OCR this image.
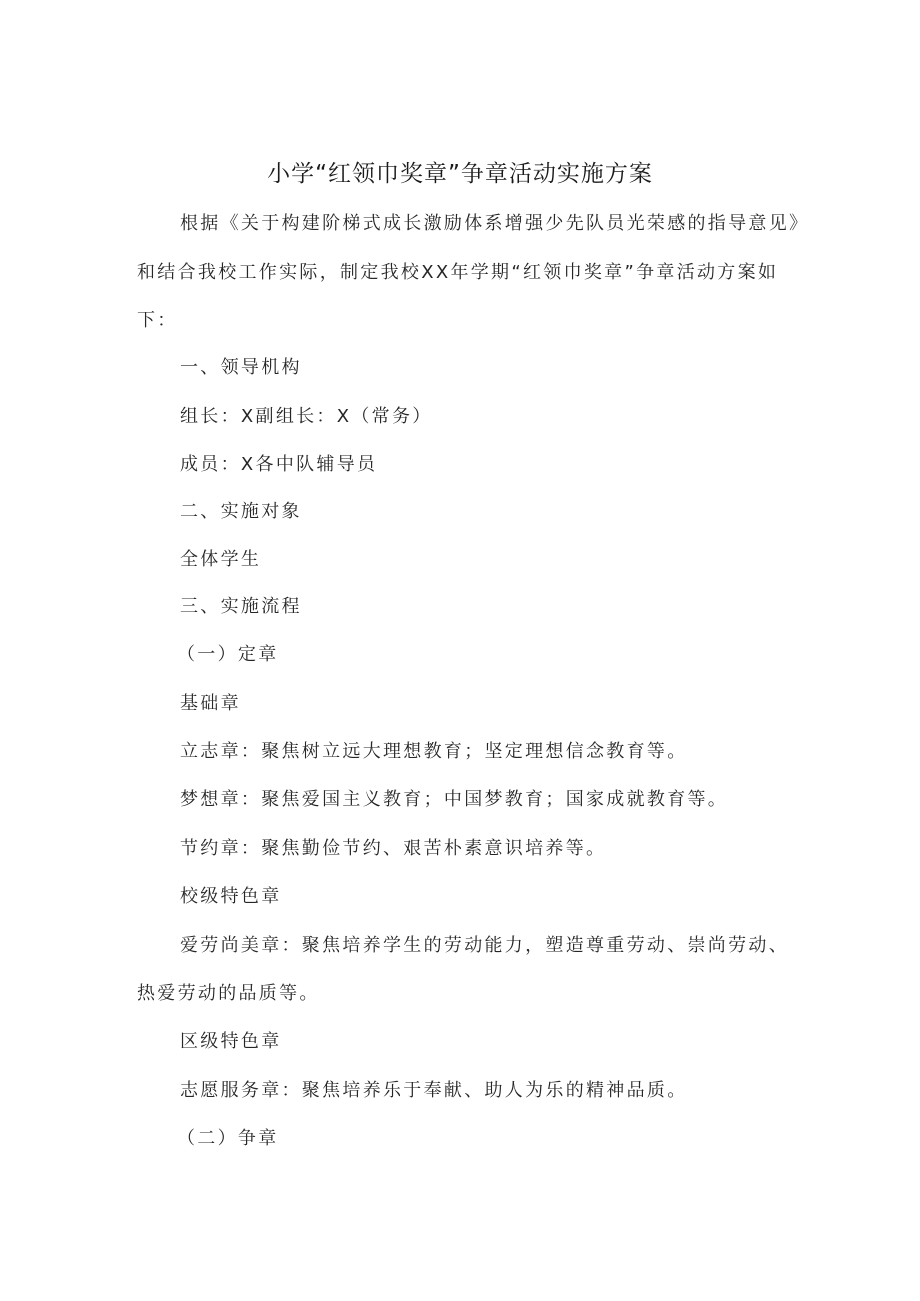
小学“红领巾奖章”争章活动实施方案
根据《关于构建阶梯式成长激励体系增强少先队员光荣感的指导意见》
和结合我校工作实际，制定我校XX年学期“红领巾奖章”争章活动方案如
下：
一、领导机构
组长：X副组长：X（常务）
成员：X各中队辅导员
二、实施对象
全体学生
三、实施流程
（一）定章
基础章
立志章：聚焦树立远大理想教育；坚定理想信念教育等。
梦想章：聚焦爱国主义教育；中国梦教育；国家成就教育等。
节约章：聚焦勤俭节约、艰苦朴素意识培养等。
校级特色章
爱劳尚美章：聚焦培养学生的劳动能力，塑造尊重劳动、崇尚劳动、
热爱劳动的品质等。
区级特色章
志愿服务章：聚焦培养乐于奉献、助人为乐的精神品质。
（二）争章
